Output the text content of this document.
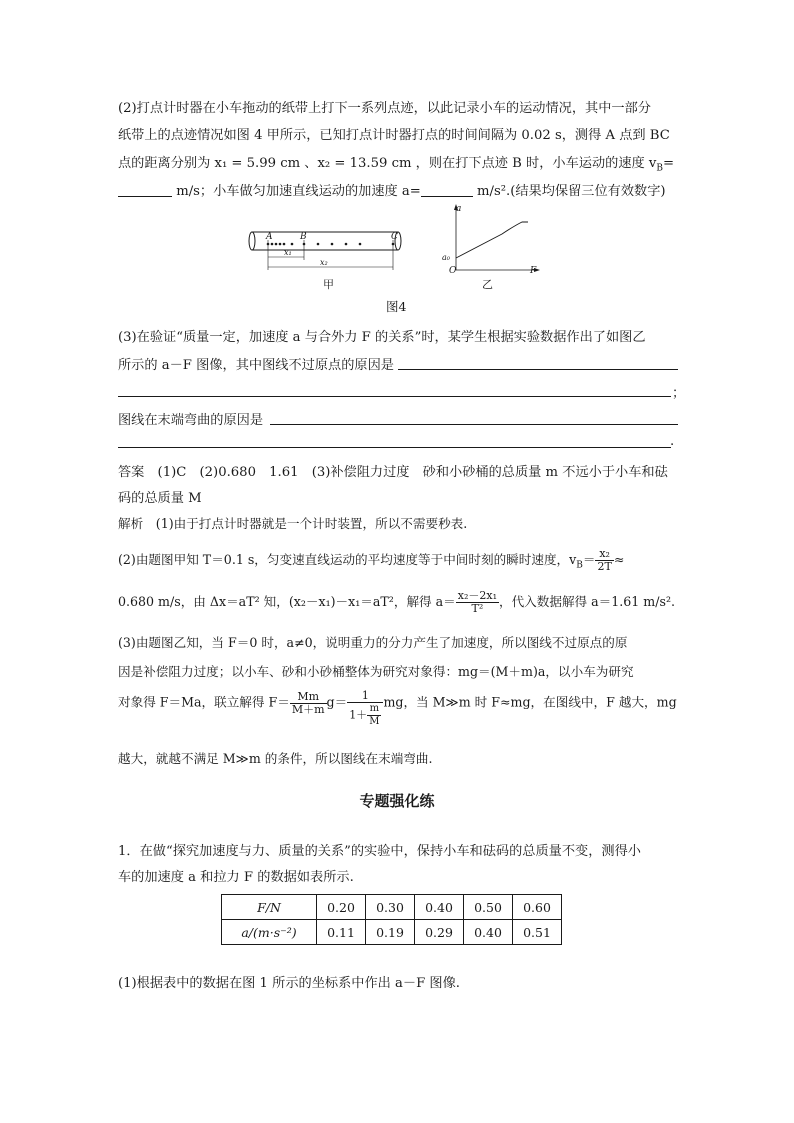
(2)打点计时器在小车拖动的纸带上打下一系列点迹，以此记录小车的运动情况，其中一部分
纸带上的点迹情况如图 4 甲所示，已知打点计时器打点的时间间隔为 0.02 s，测得 A 点到 BC
点的距离分别为 x₁ = 5.99 cm 、x₂ = 13.59 cm ，则在打下点迹 B 时，小车运动的速度 $v_B=$
m/s；小车做匀加速直线运动的加速度 a=	m/s².(结果均保留三位有效数字)
A	B	C
x₁
x₂
甲
a
F
O
a₀
乙
图4
(3)在验证“质量一定，加速度 a 与合外力 F 的关系”时，某学生根据实验数据作出了如图乙
所示的 a－F 图像，其中图线不过原点的原因是
；
图线在末端弯曲的原因是
.
答案　(1)C　(2)0.680　1.61　(3)补偿阻力过度　砂和小砂桶的总质量 m 不远小于小车和砝
码的总质量 M
解析　(1)由于打点计时器就是一个计时装置，所以不需要秒表.
(2)由题图甲知 T＝0.1 s，匀变速直线运动的平均速度等于中间时刻的瞬时速度，$v_B= \frac{\text{x₂}}{2T}$ ≈
0.680 m/s，由 Δx＝aT² 知，(x₂－x₁)－x₁＝aT²，解得 $a= \frac{\text{x₂－2x₁}}{\text{T²}}$ ，代入数据解得 a＝1.61 m/s².
(3)由题图乙知，当 F＝0 时，a≠0，说明重力的分力产生了加速度，所以图线不过原点的原
因是补偿阻力过度；以小车、砂和小砂桶整体为研究对象得：mg＝(M＋m)a，以小车为研究
对象得 F＝Ma，联立解得 $F= \frac{Mm}{M+m} g= \frac{1}{1+ \frac{m}{M}}$ mg，当 M≫m 时 F≈mg，在图线中，F 越大，mg
越大，就越不满足 M≫m 的条件，所以图线在末端弯曲.
专题强化练
1．在做“探究加速度与力、质量的关系”的实验中，保持小车和砝码的总质量不变，测得小
车的加速度 a 和拉力 F 的数据如表所示.
F/N	0.20	0.30	0.40	0.50	0.60
a/(m·s⁻²)	0.11	0.19	0.29	0.40	0.51
(1)根据表中的数据在图 1 所示的坐标系中作出 a－F 图像.
